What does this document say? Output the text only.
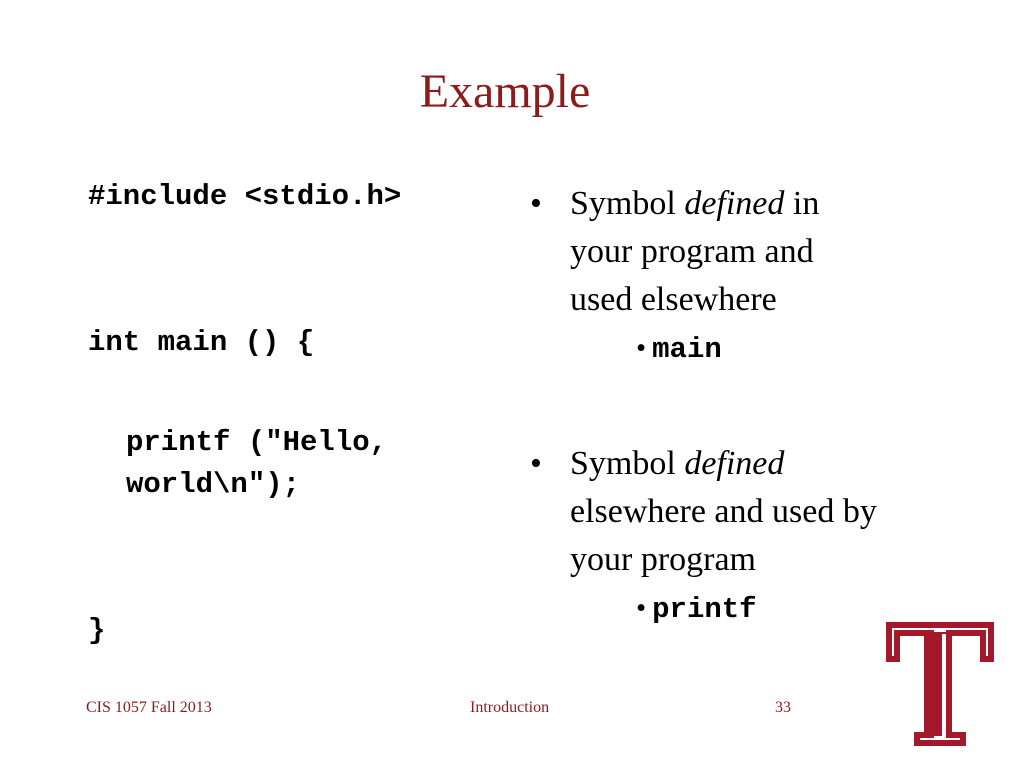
Example
#include <stdio.h>
int main () {
printf ("Hello,
world\n");
}
• Symbol defined in
your program and
used elsewhere
• main
• Symbol defined
elsewhere and used by
your program
• printf
CIS 1057 Fall 2013	Introduction	33
